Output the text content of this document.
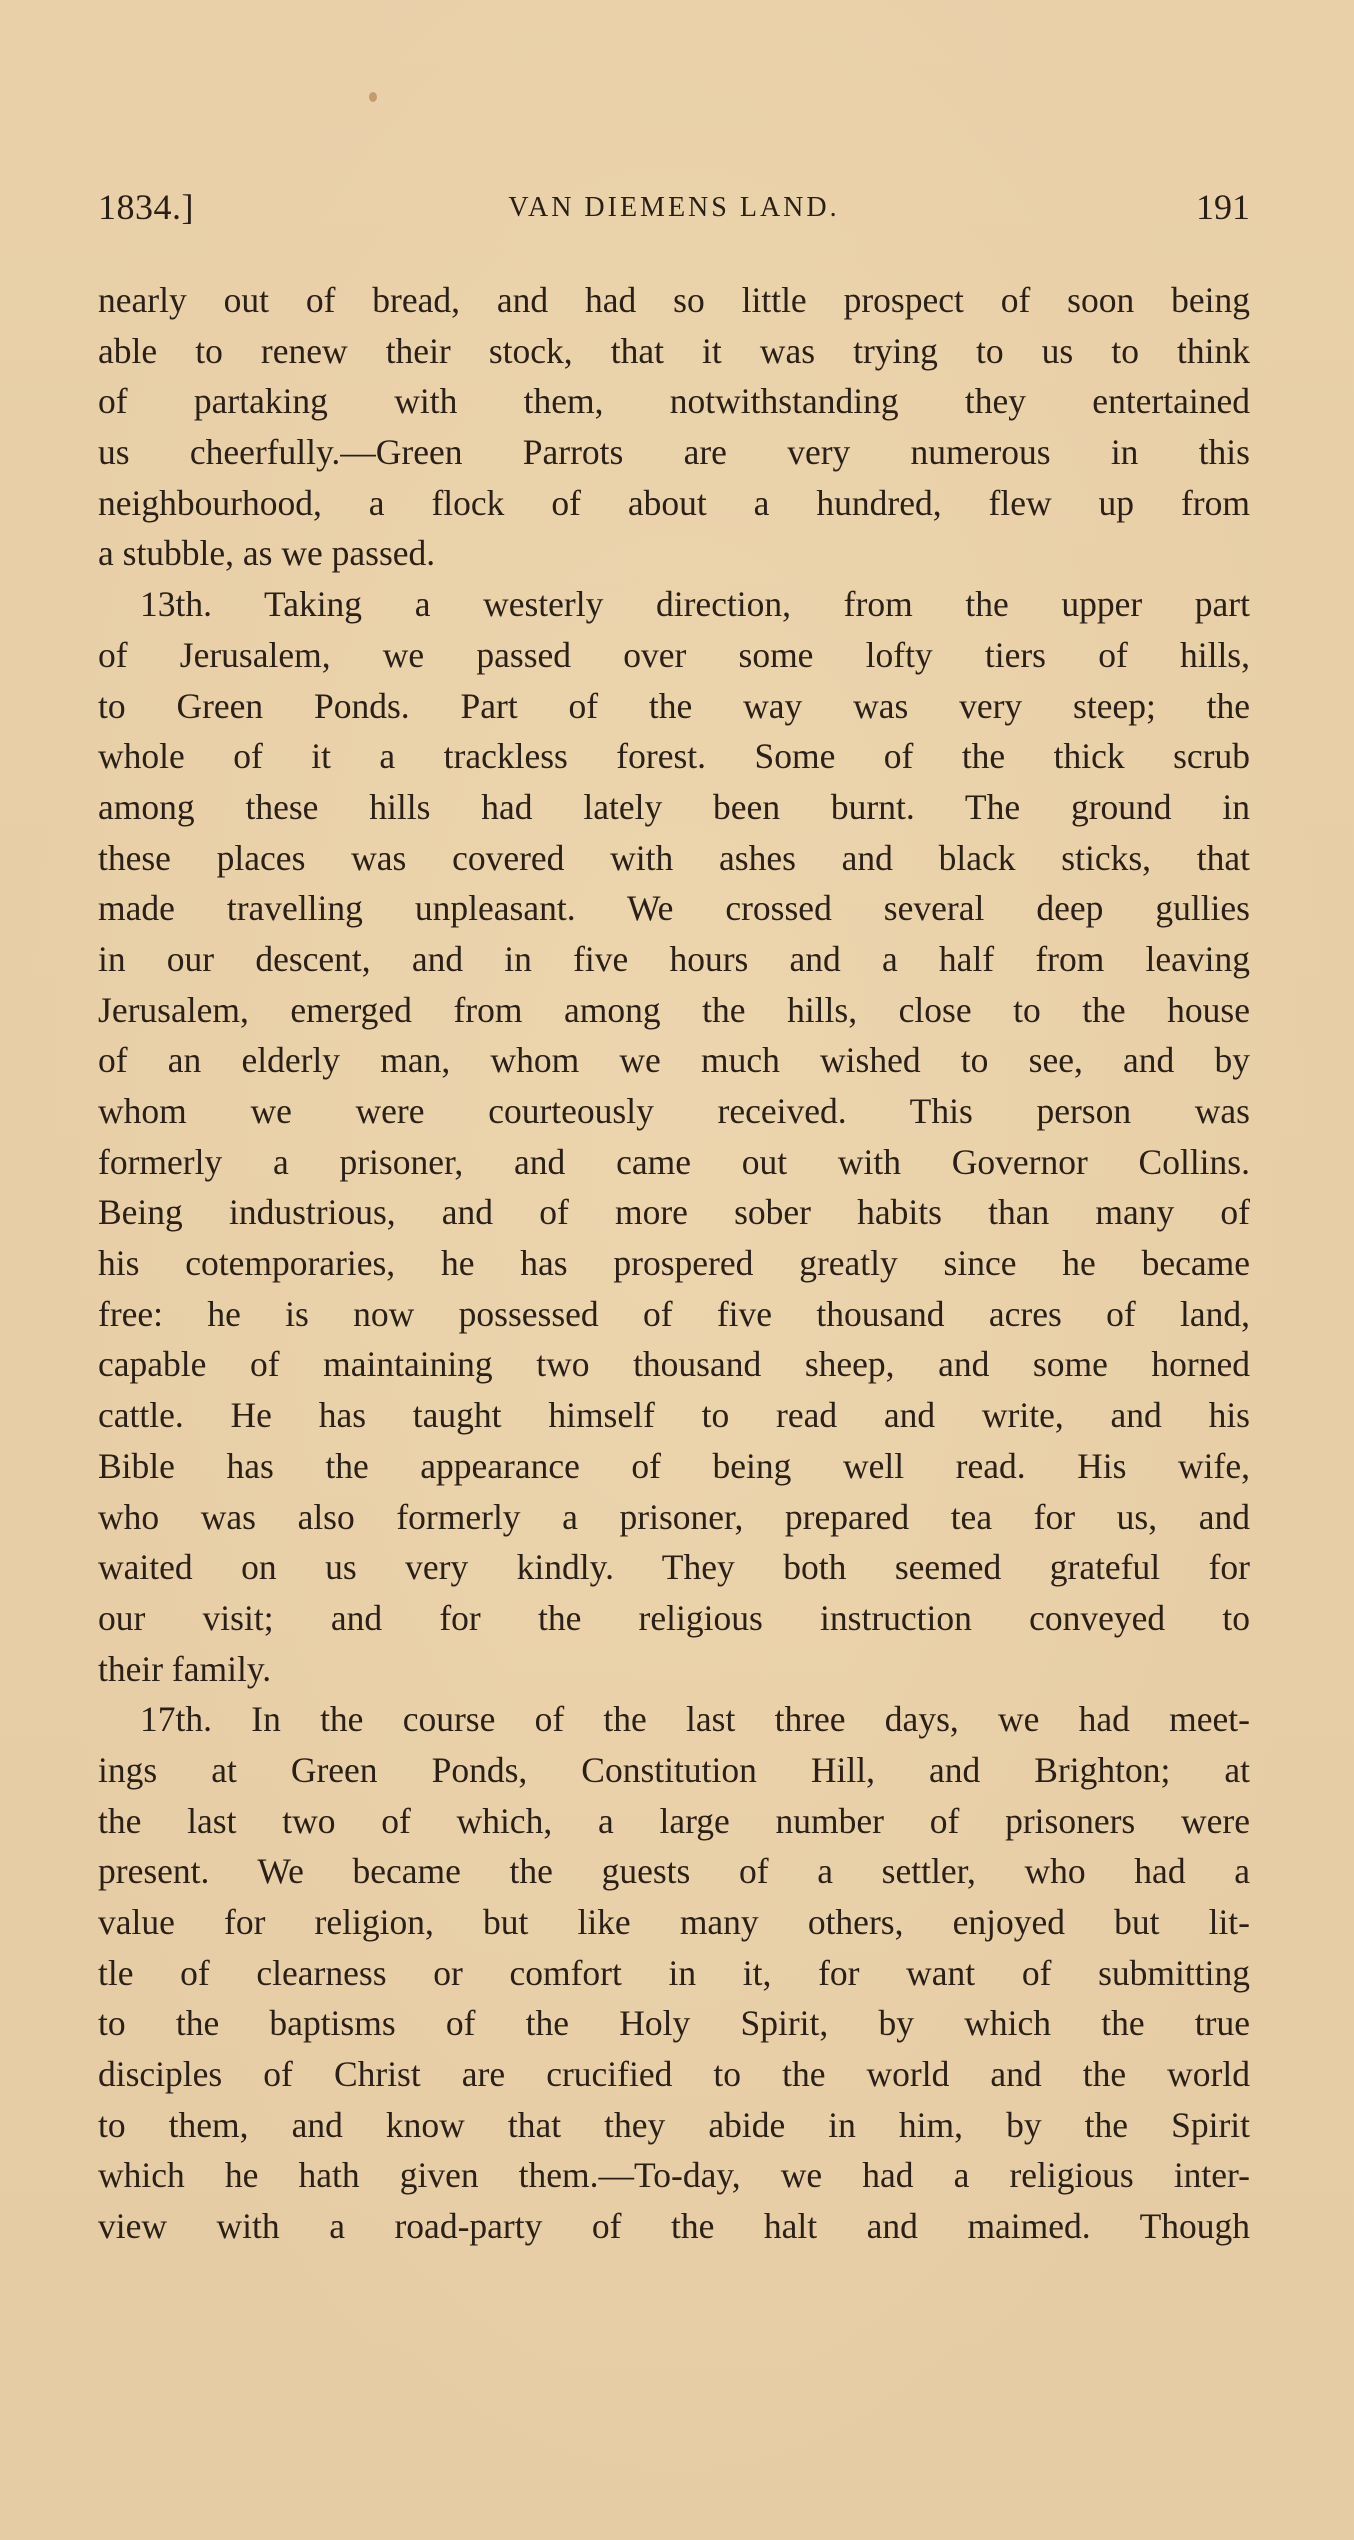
1834.]	VAN DIEMENS LAND.	191
nearly out of bread, and had so little prospect of soon being
able to renew their stock, that it was trying to us to think
of partaking with them, notwithstanding they entertained
us cheerfully.—Green Parrots are very numerous in this
neighbourhood, a flock of about a hundred, flew up from
a stubble, as we passed.
13th. Taking a westerly direction, from the upper part
of Jerusalem, we passed over some lofty tiers of hills,
to Green Ponds. Part of the way was very steep; the
whole of it a trackless forest. Some of the thick scrub
among these hills had lately been burnt. The ground in
these places was covered with ashes and black sticks, that
made travelling unpleasant. We crossed several deep gullies
in our descent, and in five hours and a half from leaving
Jerusalem, emerged from among the hills, close to the house
of an elderly man, whom we much wished to see, and by
whom we were courteously received. This person was
formerly a prisoner, and came out with Governor Collins.
Being industrious, and of more sober habits than many of
his cotemporaries, he has prospered greatly since he became
free: he is now possessed of five thousand acres of land,
capable of maintaining two thousand sheep, and some horned
cattle. He has taught himself to read and write, and his
Bible has the appearance of being well read. His wife,
who was also formerly a prisoner, prepared tea for us, and
waited on us very kindly. They both seemed grateful for
our visit; and for the religious instruction conveyed to
their family.
17th. In the course of the last three days, we had meet-
ings at Green Ponds, Constitution Hill, and Brighton; at
the last two of which, a large number of prisoners were
present. We became the guests of a settler, who had a
value for religion, but like many others, enjoyed but lit-
tle of clearness or comfort in it, for want of submitting
to the baptisms of the Holy Spirit, by which the true
disciples of Christ are crucified to the world and the world
to them, and know that they abide in him, by the Spirit
which he hath given them.—To-day, we had a religious inter-
view with a road-party of the halt and maimed. Though
